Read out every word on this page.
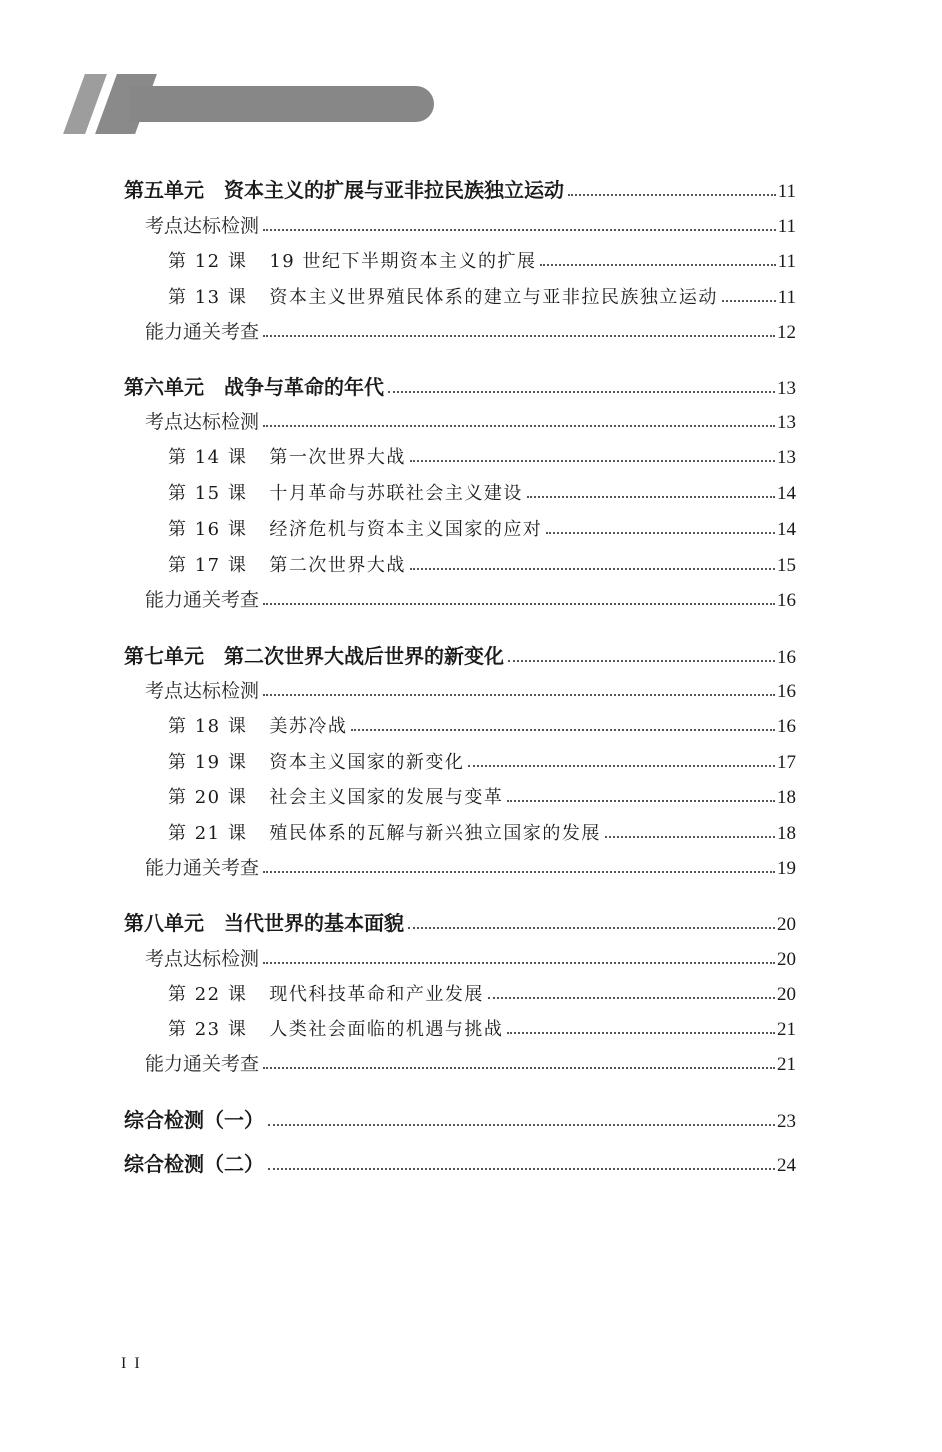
《世界历史》同步检测
第五单元 资本主义的扩展与亚非拉民族独立运动	11
考点达标检测	11
第 12 课 19 世纪下半期资本主义的扩展	11
第 13 课 资本主义世界殖民体系的建立与亚非拉民族独立运动	11
能力通关考查	12
第六单元 战争与革命的年代	13
考点达标检测	13
第 14 课 第一次世界大战	13
第 15 课 十月革命与苏联社会主义建设	14
第 16 课 经济危机与资本主义国家的应对	14
第 17 课 第二次世界大战	15
能力通关考查	16
第七单元 第二次世界大战后世界的新变化	16
考点达标检测	16
第 18 课 美苏冷战	16
第 19 课 资本主义国家的新变化	17
第 20 课 社会主义国家的发展与变革	18
第 21 课 殖民体系的瓦解与新兴独立国家的发展	18
能力通关考查	19
第八单元 当代世界的基本面貌	20
考点达标检测	20
第 22 课 现代科技革命和产业发展	20
第 23 课 人类社会面临的机遇与挑战	21
能力通关考查	21
综合检测（一）	23
综合检测（二）	24
I I
